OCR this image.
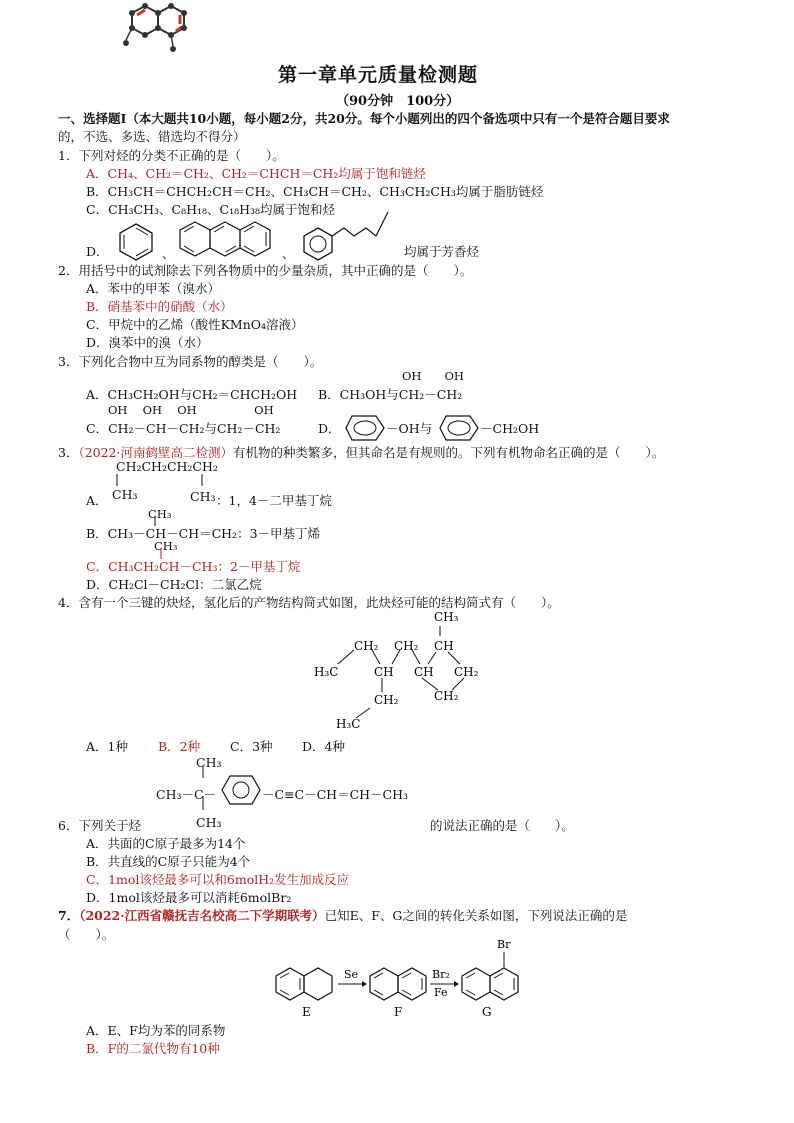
第一章单元质量检测题
（90分钟　100分）
一、选择题Ⅰ（本大题共10小题，每小题2分，共20分。每个小题列出的四个备选项中只有一个是符合题目要求
的，不选、多选、错选均不得分）
1．下列对烃的分类不正确的是（　　）。
A．CH₄、CH₂＝CH₂、CH₂＝CHCH＝CH₂均属于饱和链烃
B．CH₃CH＝CHCH₂CH＝CH₂、CH₃CH＝CH₂、CH₃CH₂CH₃均属于脂肪链烃
C．CH₃CH₃、C₈H₁₈、C₁₈H₃₈均属于饱和烃
D．	、	、	均属于芳香烃
2．用括号中的试剂除去下列各物质中的少量杂质，其中正确的是（　　）。
A．苯中的甲苯（溴水）
B．硝基苯中的硝酸（水）
C．甲烷中的乙烯（酸性KMnO₄溶液）
D．溴苯中的溴（水）
3．下列化合物中互为同系物的醇类是（　　）。
OH　　OH
A．CH₃CH₂OH与CH₂＝CHCH₂OH B．CH₃OH与CH₂－CH₂
OH　 OH　 OH　　　　　OH
C．CH₂－CH－CH₂与CH₂－CH₂	D．	－OH与	－CH₂OH
3．（2022·河南鹤壁高二检测）有机物的种类繁多，但其命名是有规则的。下列有机物命名正确的是（　　）。
CH₂CH₂CH₂CH₂
A． CH₃	CH₃ ：1，4－二甲基丁烷
CH₃
B．CH₃－CH－CH＝CH₂：3－甲基丁烯
CH₃
C．CH₃CH₂CH－CH₃：2－甲基丁烷
D．CH₂Cl－CH₂Cl：二氯乙烷
4．含有一个三键的炔烃，氢化后的产物结构简式如图，此炔烃可能的结构简式有（　　）。
CH₃
CH
CH₂ CH₂
H₃C	CH CH CH₂
CH₂
CH₂
H₃C
A．1种 B．2种 C．3种 D．4种
CH₃
CH₃－C－	－C≡C－CH＝CH－CH₃
CH₃
6．下列关于烃	的说法正确的是（　　）。
A．共面的C原子最多为14个
B．共直线的C原子只能为4个
C．1mol该烃最多可以和6molH₂发生加成反应
D．1mol该烃最多可以消耗6molBr₂
7．（2022·江西省赣抚吉名校高二下学期联考）已知E、F、G之间的转化关系如图，下列说法正确的是
（　　）。
E
Se
F
Br₂
Fe
Br
G
A．E、F均为苯的同系物
B．F的二氯代物有10种
